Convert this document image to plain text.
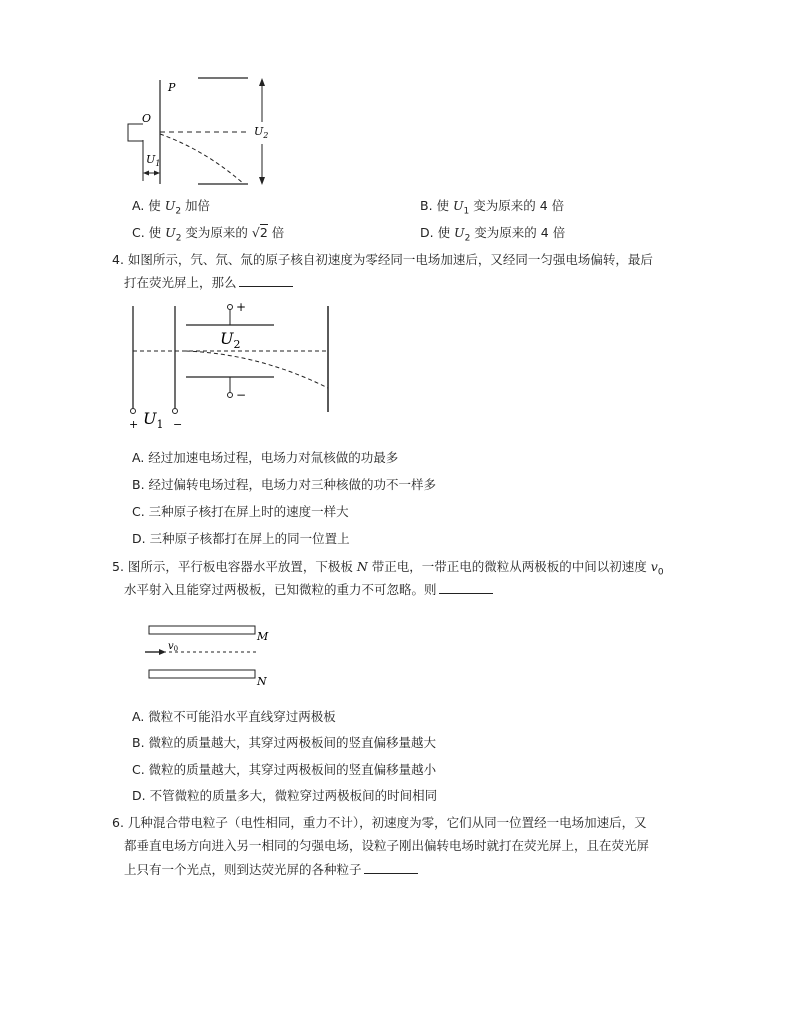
P
O
$U_2$
$U_1$
A. 使 $U_2$ 加倍	B. 使 $U_1$ 变为原来的 4 倍
C. 使 $U_2$ 变为原来的 √2 倍	D. 使 $U_2$ 变为原来的 4 倍
4. 如图所示，氕、氘、氚的原子核自初速度为零经同一电场加速后，又经同一匀强电场偏转，最后
打在荧光屏上，那么
+	−
$U_1$
+
$U_2$
−
A. 经过加速电场过程，电场力对氚核做的功最多
B. 经过偏转电场过程，电场力对三种核做的功不一样多
C. 三种原子核打在屏上时的速度一样大
D. 三种原子核都打在屏上的同一位置上
5. 图所示，平行板电容器水平放置，下极板 N 带正电，一带正电的微粒从两极板的中间以初速度 $v_0$
水平射入且能穿过两极板，已知微粒的重力不可忽略。则
M
$v_0$
N
A. 微粒不可能沿水平直线穿过两极板
B. 微粒的质量越大，其穿过两极板间的竖直偏移量越大
C. 微粒的质量越大，其穿过两极板间的竖直偏移量越小
D. 不管微粒的质量多大，微粒穿过两极板间的时间相同
6. 几种混合带电粒子（电性相同，重力不计），初速度为零，它们从同一位置经一电场加速后，又
都垂直电场方向进入另一相同的匀强电场，设粒子刚出偏转电场时就打在荧光屏上，且在荧光屏
上只有一个光点，则到达荧光屏的各种粒子
